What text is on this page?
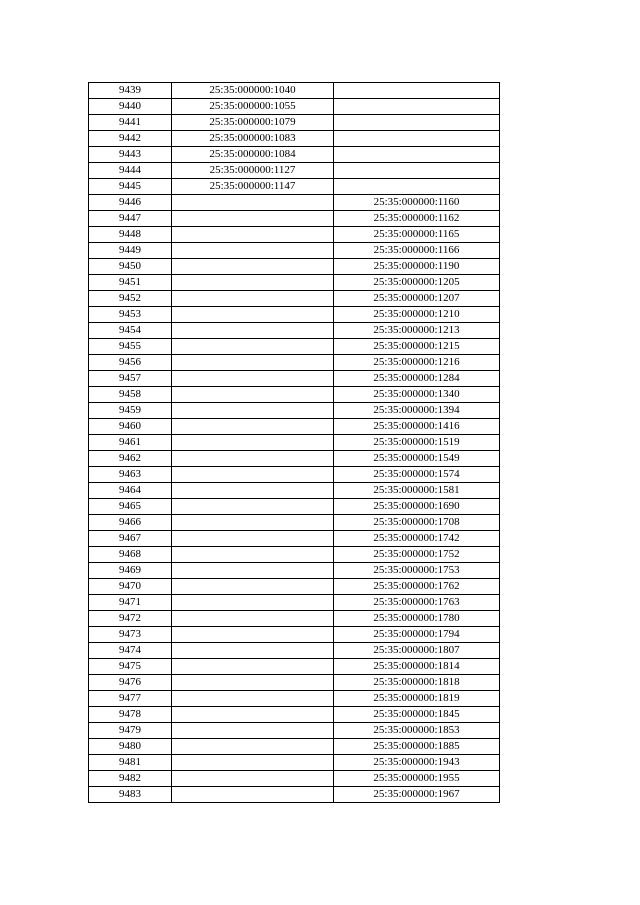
9439	25:35:000000:1040	
9440	25:35:000000:1055	
9441	25:35:000000:1079	
9442	25:35:000000:1083	
9443	25:35:000000:1084	
9444	25:35:000000:1127	
9445	25:35:000000:1147	
9446		25:35:000000:1160
9447		25:35:000000:1162
9448		25:35:000000:1165
9449		25:35:000000:1166
9450		25:35:000000:1190
9451		25:35:000000:1205
9452		25:35:000000:1207
9453		25:35:000000:1210
9454		25:35:000000:1213
9455		25:35:000000:1215
9456		25:35:000000:1216
9457		25:35:000000:1284
9458		25:35:000000:1340
9459		25:35:000000:1394
9460		25:35:000000:1416
9461		25:35:000000:1519
9462		25:35:000000:1549
9463		25:35:000000:1574
9464		25:35:000000:1581
9465		25:35:000000:1690
9466		25:35:000000:1708
9467		25:35:000000:1742
9468		25:35:000000:1752
9469		25:35:000000:1753
9470		25:35:000000:1762
9471		25:35:000000:1763
9472		25:35:000000:1780
9473		25:35:000000:1794
9474		25:35:000000:1807
9475		25:35:000000:1814
9476		25:35:000000:1818
9477		25:35:000000:1819
9478		25:35:000000:1845
9479		25:35:000000:1853
9480		25:35:000000:1885
9481		25:35:000000:1943
9482		25:35:000000:1955
9483		25:35:000000:1967
